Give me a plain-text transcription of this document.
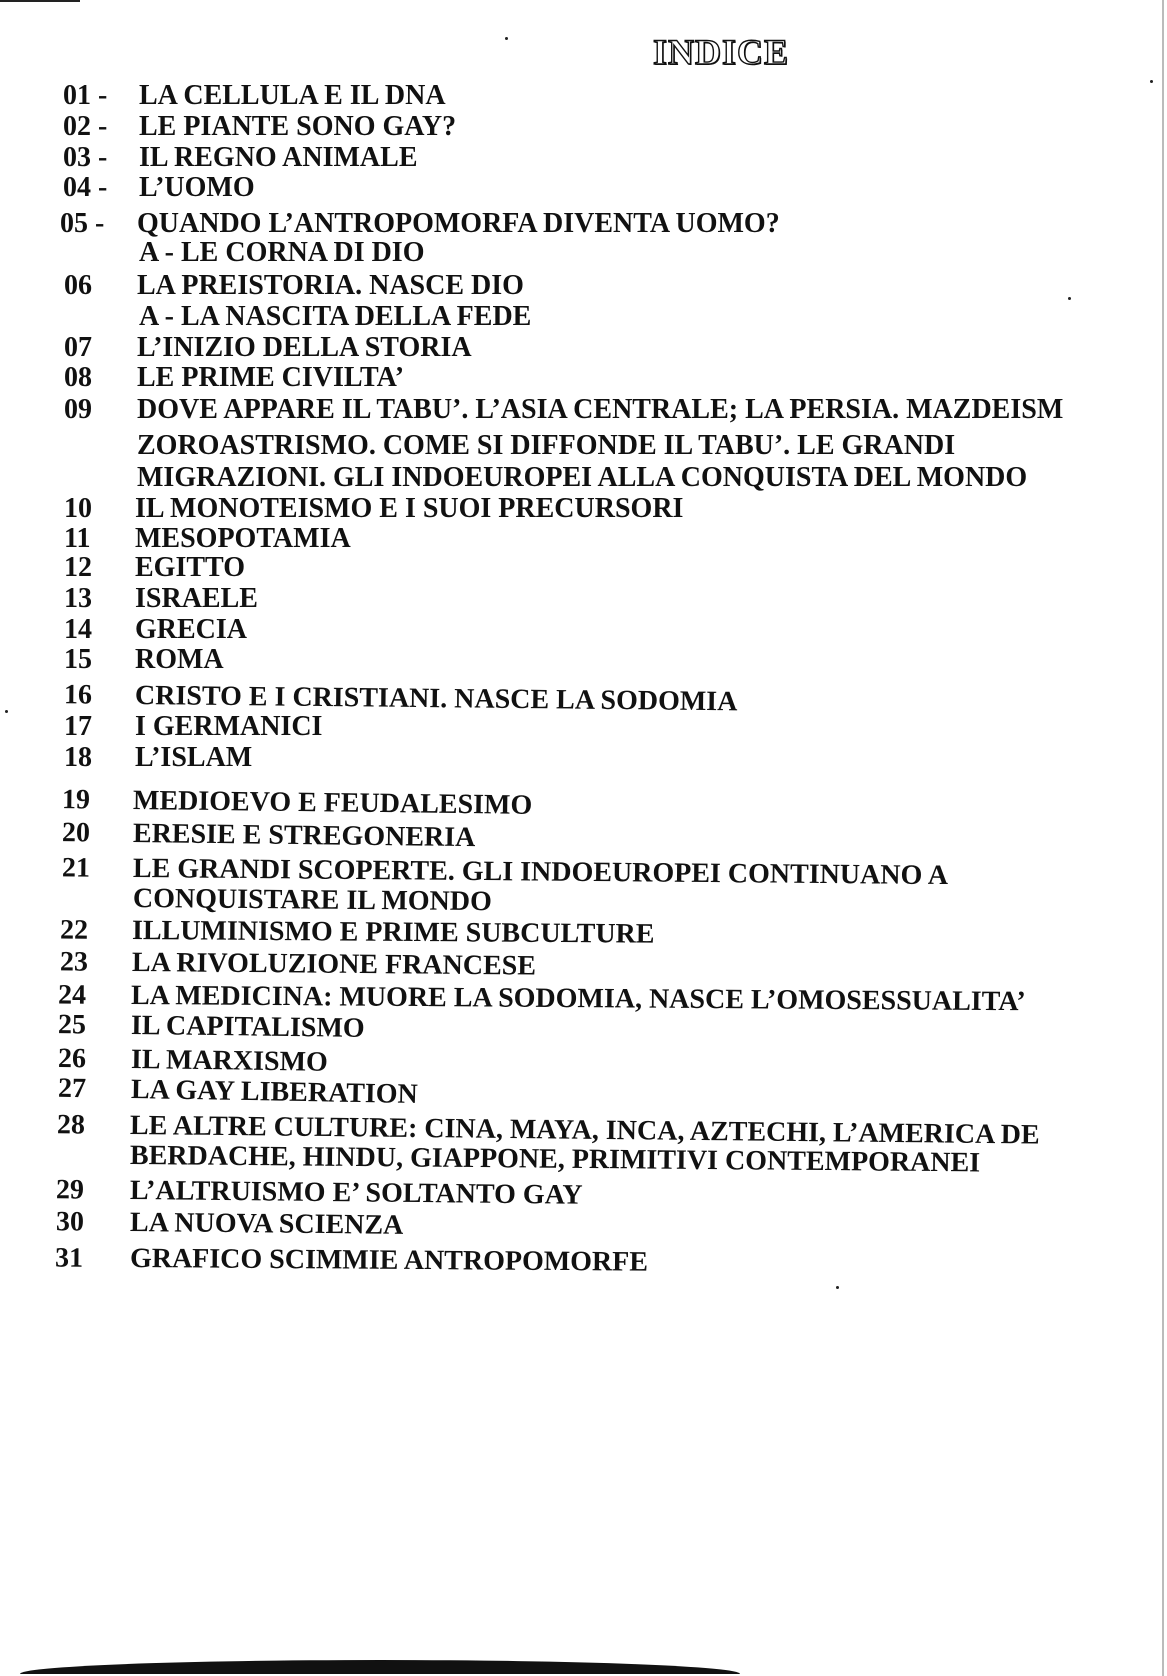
INDICE
01 - LA CELLULA E IL DNA
02 - LE PIANTE SONO GAY?
03 - IL REGNO ANIMALE
04 - L’UOMO
05 - QUANDO L’ANTROPOMORFA DIVENTA UOMO?
A - LE CORNA DI DIO
06 LA PREISTORIA. NASCE DIO
A - LA NASCITA DELLA FEDE
07 L’INIZIO DELLA STORIA
08 LE PRIME CIVILTA’
09 DOVE APPARE IL TABU’. L’ASIA CENTRALE; LA PERSIA. MAZDEISM
ZOROASTRISMO. COME SI DIFFONDE IL TABU’. LE GRANDI
MIGRAZIONI. GLI INDOEUROPEI ALLA CONQUISTA DEL MONDO
10 IL MONOTEISMO E I SUOI PRECURSORI
11 MESOPOTAMIA
12 EGITTO
13 ISRAELE
14 GRECIA
15 ROMA
16 CRISTO E I CRISTIANI. NASCE LA SODOMIA
17 I GERMANICI
18 L’ISLAM
19 MEDIOEVO E FEUDALESIMO
20 ERESIE E STREGONERIA
21 LE GRANDI SCOPERTE. GLI INDOEUROPEI CONTINUANO A
CONQUISTARE IL MONDO
22 ILLUMINISMO E PRIME SUBCULTURE
23 LA RIVOLUZIONE FRANCESE
24 LA MEDICINA: MUORE LA SODOMIA, NASCE L’OMOSESSUALITA’
25 IL CAPITALISMO
26 IL MARXISMO
27 LA GAY LIBERATION
28 LE ALTRE CULTURE: CINA, MAYA, INCA, AZTECHI, L’AMERICA DE
BERDACHE, HINDU, GIAPPONE, PRIMITIVI CONTEMPORANEI
29 L’ALTRUISMO E’ SOLTANTO GAY
30 LA NUOVA SCIENZA
31 GRAFICO SCIMMIE ANTROPOMORFE
